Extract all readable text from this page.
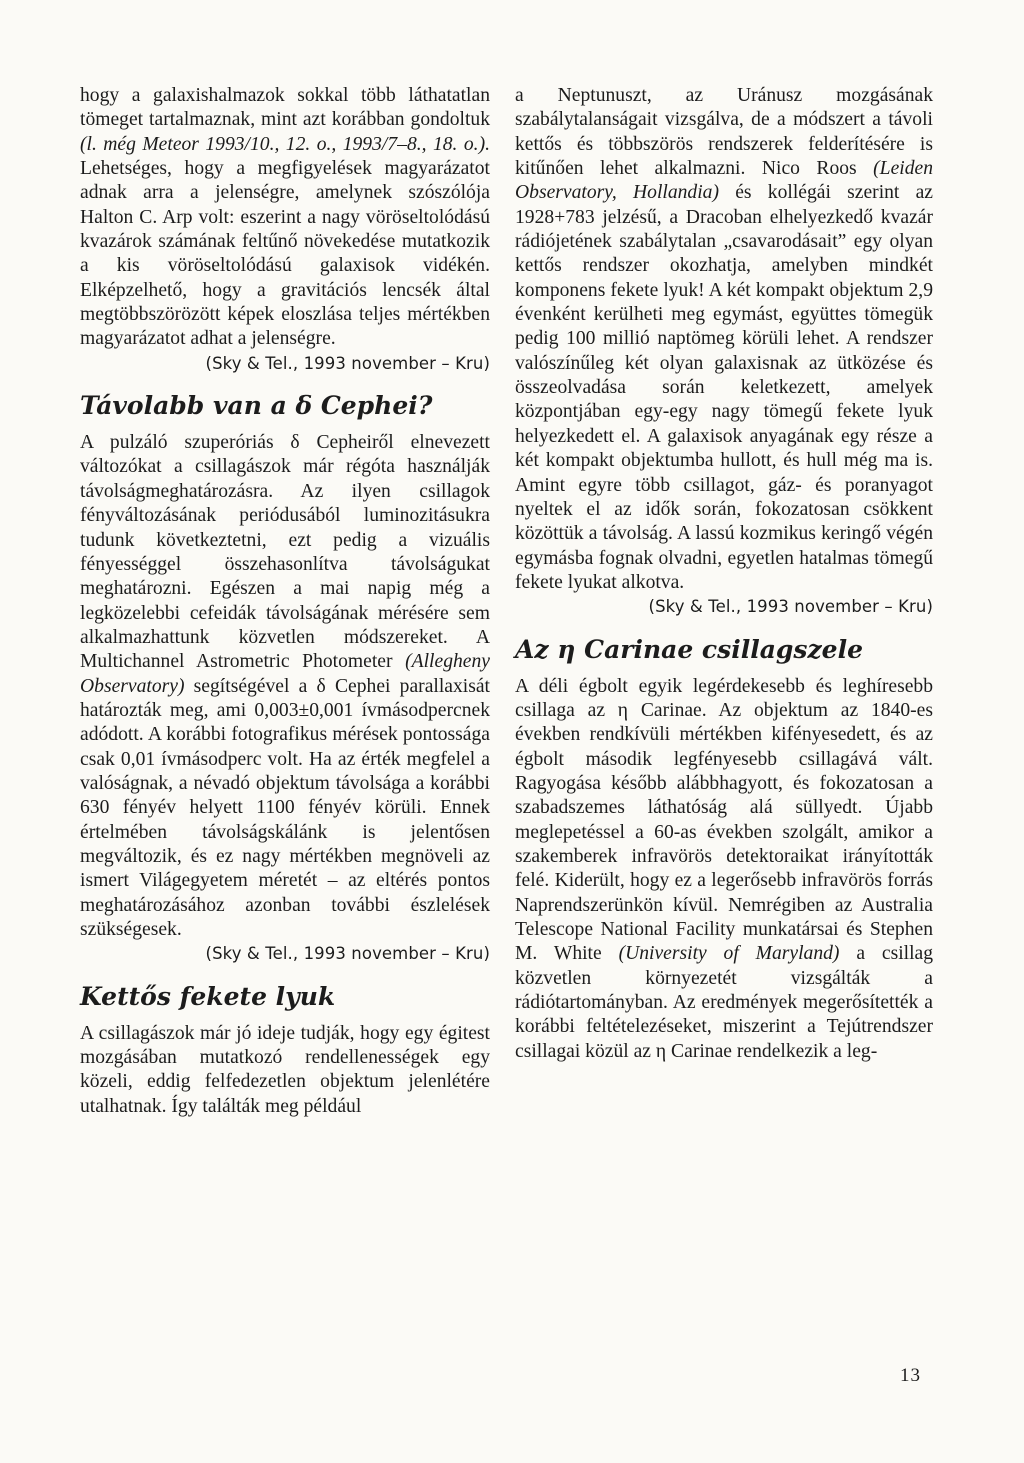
hogy a galaxishalmazok sokkal több láthatatlan tömeget tartalmaznak, mint azt korábban gondoltuk (l. még Meteor 1993/10., 12. o., 1993/7–8., 18. o.). Lehetséges, hogy a megfigyelések magyarázatot adnak arra a jelenségre, amelynek szószólója Halton C. Arp volt: eszerint a nagy vöröseltolódású kvazárok számának feltűnő növekedése mutatkozik a kis vöröseltolódású galaxisok vidékén. Elképzelhető, hogy a gravitációs lencsék által megtöbbszörözött képek eloszlása teljes mértékben magyarázatot adhat a jelenségre.

(Sky & Tel., 1993 november – Kru)

Távolabb van a δ Cephei?

A pulzáló szuperóriás δ Cepheiről elnevezett változókat a csillagászok már régóta használják távolságmeghatározásra. Az ilyen csillagok fényváltozásának periódusából luminozitásukra tudunk következtetni, ezt pedig a vizuális fényességgel összehasonlítva távolságukat meghatározni. Egészen a mai napig még a legközelebbi cefeidák távolságának mérésére sem alkalmazhattunk közvetlen módszereket. A Multichannel Astrometric Photometer (Allegheny Observatory) segítségével a δ Cephei parallaxisát határozták meg, ami 0,003±0,001 ívmásodpercnek adódott. A korábbi fotografikus mérések pontossága csak 0,01 ívmásodperc volt. Ha az érték megfelel a valóságnak, a névadó objektum távolsága a korábbi 630 fényév helyett 1100 fényév körüli. Ennek értelmében távolságskálánk is jelentősen megváltozik, és ez nagy mértékben megnöveli az ismert Világegyetem méretét – az eltérés pontos meghatározásához azonban további észlelések szükségesek.

(Sky & Tel., 1993 november – Kru)

Kettős fekete lyuk

A csillagászok már jó ideje tudják, hogy egy égitest mozgásában mutatkozó rendellenességek egy közeli, eddig felfedezetlen objektum jelenlétére utalhatnak. Így találták meg például

a Neptunuszt, az Uránusz mozgásának szabálytalanságait vizsgálva, de a módszert a távoli kettős és többszörös rendszerek felderítésére is kitűnően lehet alkalmazni. Nico Roos (Leiden Observatory, Hollandia) és kollégái szerint az 1928+783 jelzésű, a Dracoban elhelyezkedő kvazár rádiójetének szabálytalan „csavarodásait” egy olyan kettős rendszer okozhatja, amelyben mindkét komponens fekete lyuk! A két kompakt objektum 2,9 évenként kerülheti meg egymást, együttes tömegük pedig 100 millió naptömeg körüli lehet. A rendszer valószínűleg két olyan galaxisnak az ütközése és összeolvadása során keletkezett, amelyek központjában egy-egy nagy tömegű fekete lyuk helyezkedett el. A galaxisok anyagának egy része a két kompakt objektumba hullott, és hull még ma is. Amint egyre több csillagot, gáz- és poranyagot nyeltek el az idők során, fokozatosan csökkent közöttük a távolság. A lassú kozmikus keringő végén egymásba fognak olvadni, egyetlen hatalmas tömegű fekete lyukat alkotva.

(Sky & Tel., 1993 november – Kru)

Az η Carinae csillagszele

A déli égbolt egyik legérdekesebb és leghíresebb csillaga az η Carinae. Az objektum az 1840-es években rendkívüli mértékben kifényesedett, és az égbolt második legfényesebb csillagává vált. Ragyogása később alábbhagyott, és fokozatosan a szabadszemes láthatóság alá süllyedt. Újabb meglepetéssel a 60-as években szolgált, amikor a szakemberek infravörös detektoraikat irányították felé. Kiderült, hogy ez a legerősebb infravörös forrás Naprendszerünkön kívül. Nemrégiben az Australia Telescope National Facility munkatársai és Stephen M. White (University of Maryland) a csillag közvetlen környezetét vizsgálták a rádiótartományban. Az eredmények megerősítették a korábbi feltételezéseket, miszerint a Tejútrendszer csillagai közül az η Carinae rendelkezik a leg-

13
